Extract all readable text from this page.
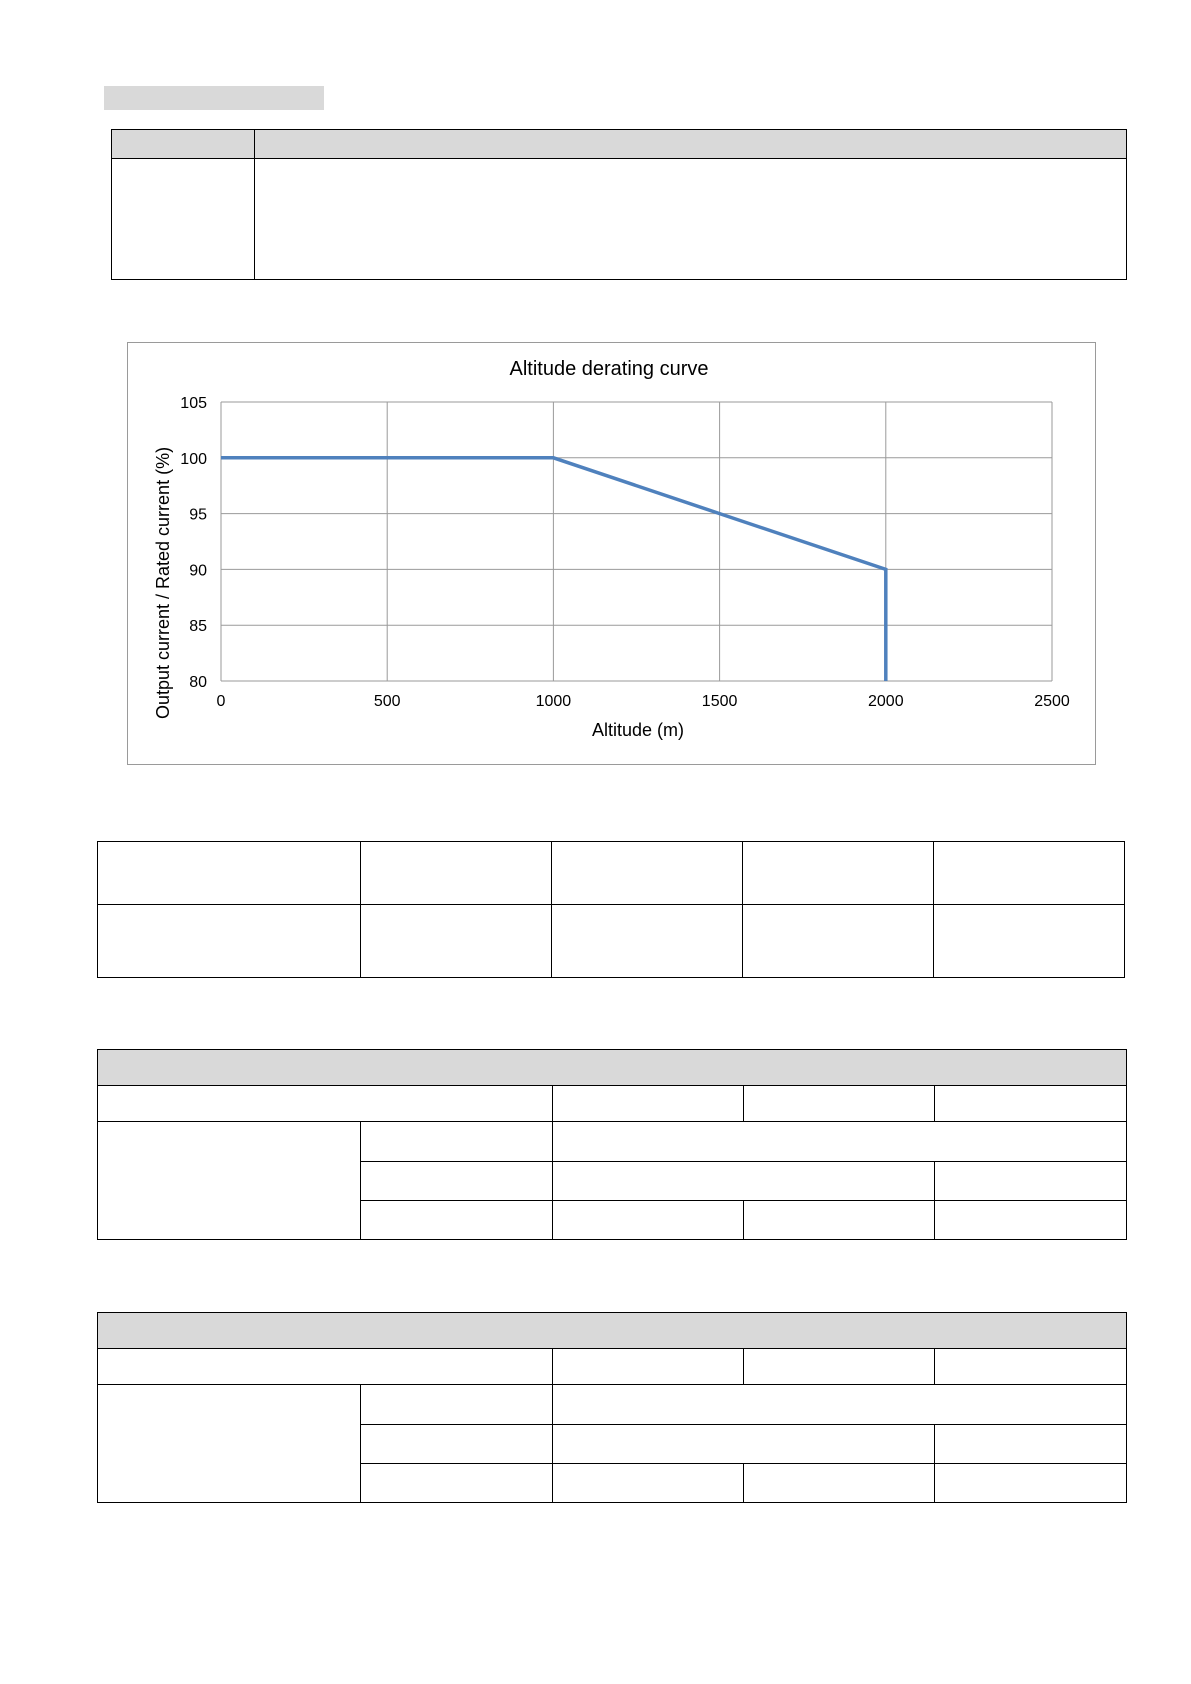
Altitude derating curve
80
85
90
95
100
105
0	500	1000	1500	2000	2500
Altitude (m)
Output current / Rated current (%)
